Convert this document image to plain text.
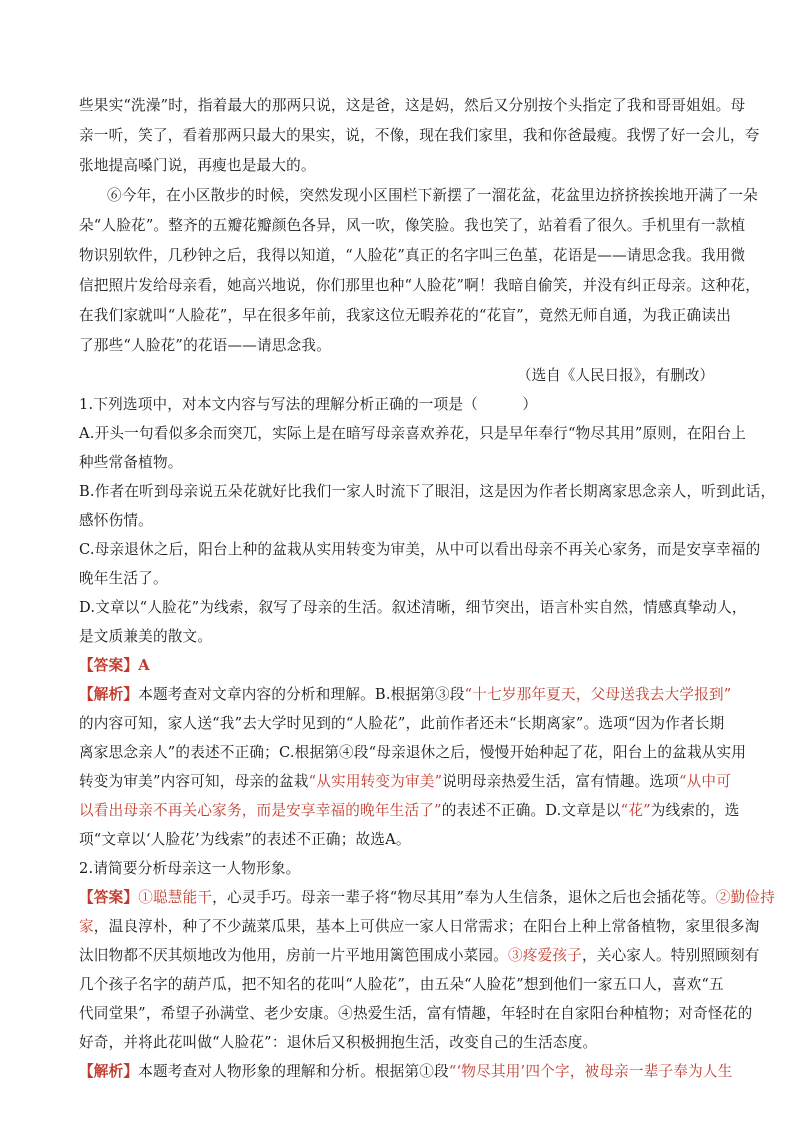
些果实“洗澡”时，指着最大的那两只说，这是爸，这是妈，然后又分别按个头指定了我和哥哥姐姐。母
亲一听，笑了，看着那两只最大的果实，说，不像，现在我们家里，我和你爸最瘦。我愣了好一会儿，夸
张地提高嗓门说，再瘦也是最大的。
⑥今年，在小区散步的时候，突然发现小区围栏下新摆了一溜花盆，花盆里边挤挤挨挨地开满了一朵
朵“人脸花”。整齐的五瓣花瓣颜色各异，风一吹，像笑脸。我也笑了，站着看了很久。手机里有一款植
物识别软件，几秒钟之后，我得以知道，“人脸花”真正的名字叫三色堇，花语是——请思念我。我用微
信把照片发给母亲看，她高兴地说，你们那里也种“人脸花”啊！我暗自偷笑，并没有纠正母亲。这种花，
在我们家就叫“人脸花”，早在很多年前，我家这位无暇养花的“花盲”，竟然无师自通，为我正确读出
了那些“人脸花”的花语——请思念我。
（选自《人民日报》，有删改）
1.下列选项中，对本文内容与写法的理解分析正确的一项是（　　　）
A.开头一句看似多余而突兀，实际上是在暗写母亲喜欢养花，只是早年奉行“物尽其用”原则，在阳台上
种些常备植物。
B.作者在听到母亲说五朵花就好比我们一家人时流下了眼泪，这是因为作者长期离家思念亲人，听到此话，
感怀伤情。
C.母亲退休之后，阳台上种的盆栽从实用转变为审美，从中可以看出母亲不再关心家务，而是安享幸福的
晚年生活了。
D.文章以“人脸花”为线索，叙写了母亲的生活。叙述清晰，细节突出，语言朴实自然，情感真挚动人，
是文质兼美的散文。
【答案】A
【解析】本题考查对文章内容的分析和理解。B.根据第③段“十七岁那年夏天，父母送我去大学报到”
的内容可知，家人送“我”去大学时见到的“人脸花”，此前作者还未“长期离家”。选项“因为作者长期
离家思念亲人”的表述不正确；C.根据第④段“母亲退休之后，慢慢开始种起了花，阳台上的盆栽从实用
转变为审美”内容可知，母亲的盆栽“从实用转变为审美”说明母亲热爱生活，富有情趣。选项“从中可
以看出母亲不再关心家务，而是安享幸福的晚年生活了”的表述不正确。D.文章是以“花”为线索的，选
项“文章以‘人脸花’为线索”的表述不正确；故选A。
2.请简要分析母亲这一人物形象。
【答案】①聪慧能干，心灵手巧。母亲一辈子将“物尽其用”奉为人生信条，退休之后也会插花等。②勤俭持
家，温良淳朴，种了不少蔬菜瓜果，基本上可供应一家人日常需求；在阳台上种上常备植物，家里很多淘
汰旧物都不厌其烦地改为他用，房前一片平地用篱笆围成小菜园。③疼爱孩子，关心家人。特别照顾刻有
几个孩子名字的葫芦瓜，把不知名的花叫“人脸花”，由五朵“人脸花”想到他们一家五口人，喜欢“五
代同堂果”，希望子孙满堂、老少安康。④热爱生活，富有情趣，年轻时在自家阳台种植物；对奇怪花的
好奇，并将此花叫做“人脸花”：退休后又积极拥抱生活，改变自己的生活态度。
【解析】本题考查对人物形象的理解和分析。根据第①段“‘物尽其用’四个字，被母亲一辈子奉为人生
